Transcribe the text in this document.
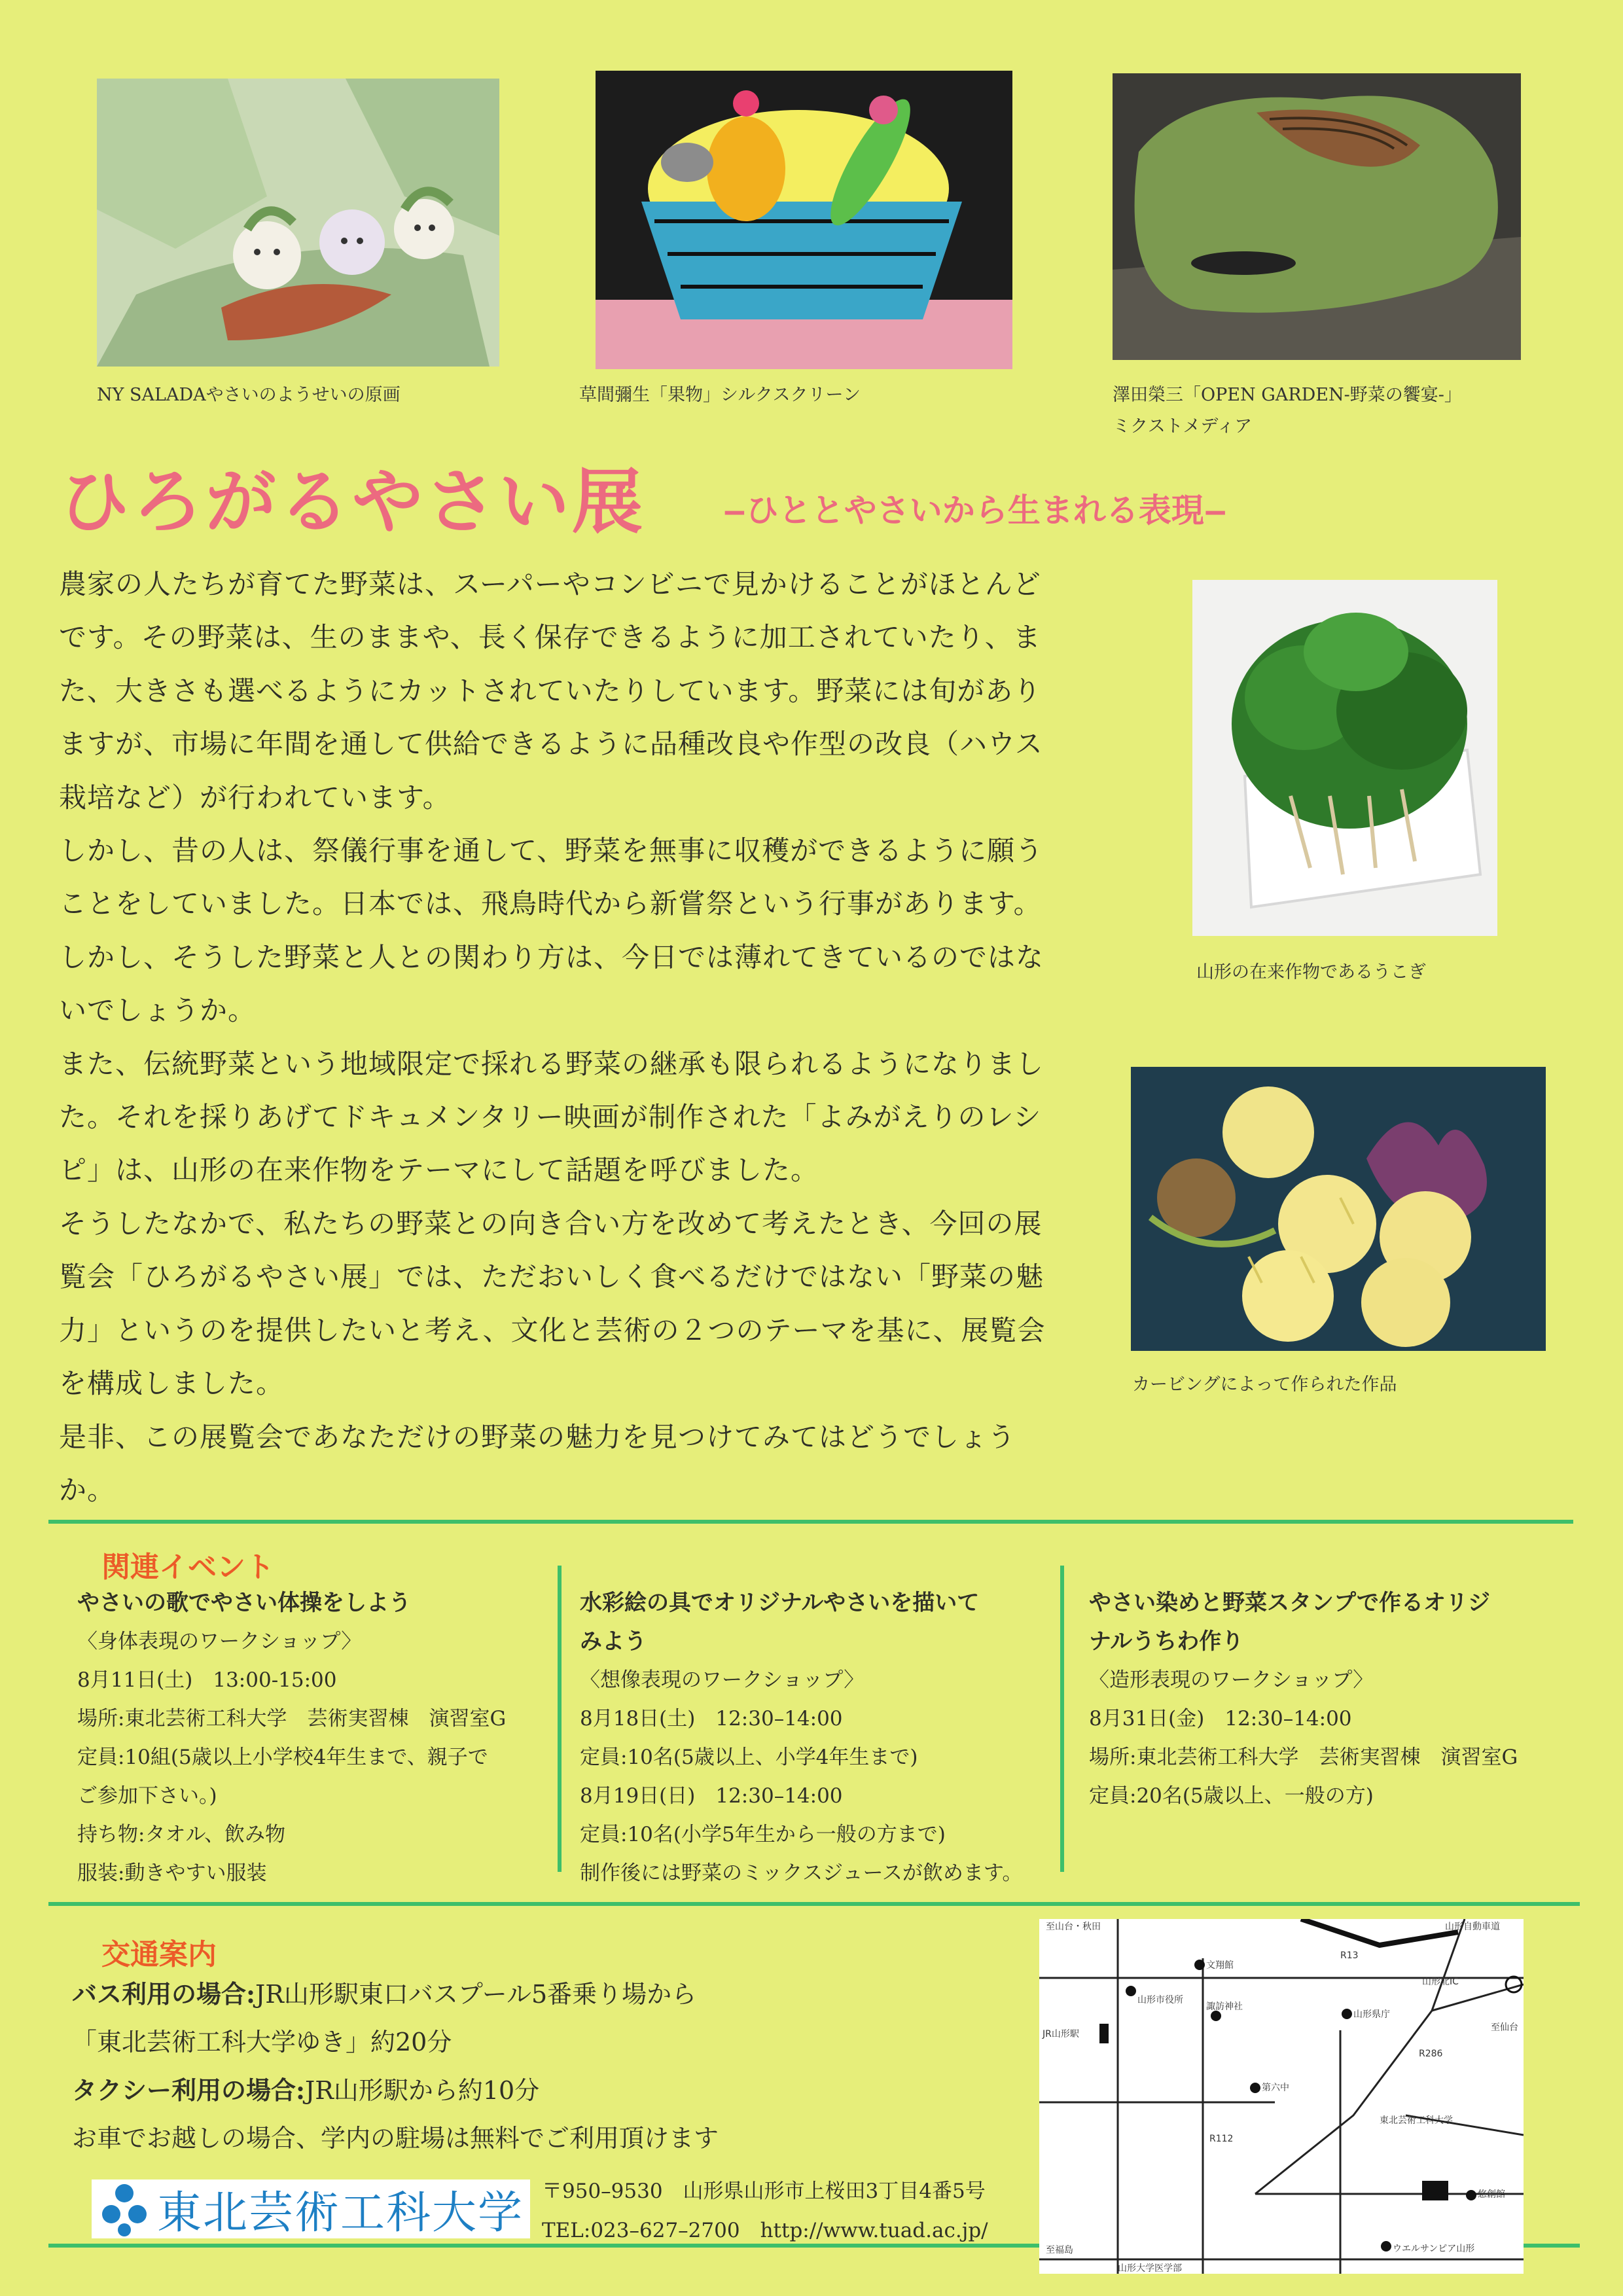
NY SALADAやさいのようせいの原画	草間彌生「果物」シルクスクリーン	澤田榮三「OPEN GARDEN-野菜の饗宴-」
ミクストメディア
ひろがるやさい展 ‒ひととやさいから生まれる表現‒

農家の人たちが育てた野菜は、スーパーやコンビニで見かけることがほとんどです。その野菜は、生のままや、長く保存できるように加工されていたり、また、大きさも選べるようにカットされていたりしています。野菜には旬がありますが、市場に年間を通して供給できるように品種改良や作型の改良（ハウス栽培など）が行われています。

しかし、昔の人は、祭儀行事を通して、野菜を無事に収穫ができるように願うことをしていました。日本では、飛鳥時代から新嘗祭という行事があります。しかし、そうした野菜と人との関わり方は、今日では薄れてきているのではないでしょうか。

また、伝統野菜という地域限定で採れる野菜の継承も限られるようになりました。それを採りあげてドキュメンタリー映画が制作された「よみがえりのレシピ」は、山形の在来作物をテーマにして話題を呼びました。

そうしたなかで、私たちの野菜との向き合い方を改めて考えたとき、今回の展覧会「ひろがるやさい展」では、ただおいしく食べるだけではない「野菜の魅力」というのを提供したいと考え、文化と芸術の２つのテーマを基に、展覧会を構成しました。

是非、この展覧会であなただけの野菜の魅力を見つけてみてはどうでしょうか。

山形の在来作物であるうこぎ
カービングによって作られた作品
関連イベント
やさいの歌でやさい体操をしよう
〈身体表現のワークショップ〉
8月11日(土)　13:00-15:00
場所:東北芸術工科大学　芸術実習棟　演習室G
定員:10組(5歳以上小学校4年生まで、親子で
ご参加下さい。)
持ち物:タオル、飲み物
服装:動きやすい服装
水彩絵の具でオリジナルやさいを描いて
みよう
〈想像表現のワークショップ〉
8月18日(土)　12:30–14:00
定員:10名(5歳以上、小学4年生まで)
8月19日(日)　12:30–14:00
定員:10名(小学5年生から一般の方まで)
制作後には野菜のミックスジュースが飲めます。
やさい染めと野菜スタンプで作るオリジ
ナルうちわ作り
〈造形表現のワークショップ〉
8月31日(金)　12:30–14:00
場所:東北芸術工科大学　芸術実習棟　演習室G
定員:20名(5歳以上、一般の方)
交通案内
バス利用の場合:JR山形駅東口バスプール5番乗り場から
「東北芸術工科大学ゆき」約20分
タクシー利用の場合:JR山形駅から約10分
お車でお越しの場合、学内の駐場は無料でご利用頂けます
東北芸術工科大学 〒950–9530　山形県山形市上桜田3丁目4番5号
TEL:023–627–2700　http://www.tuad.ac.jp/
至山台・秋田	山形自動車道
文翔館
R13
山形北IC
山形市役所
諏訪神社
山形県庁
至仙台
JR山形駅
R286
第六中
R112
東北芸術工科大学
悠創館
至福島
山形大学医学部
ウエルサンピア山形
